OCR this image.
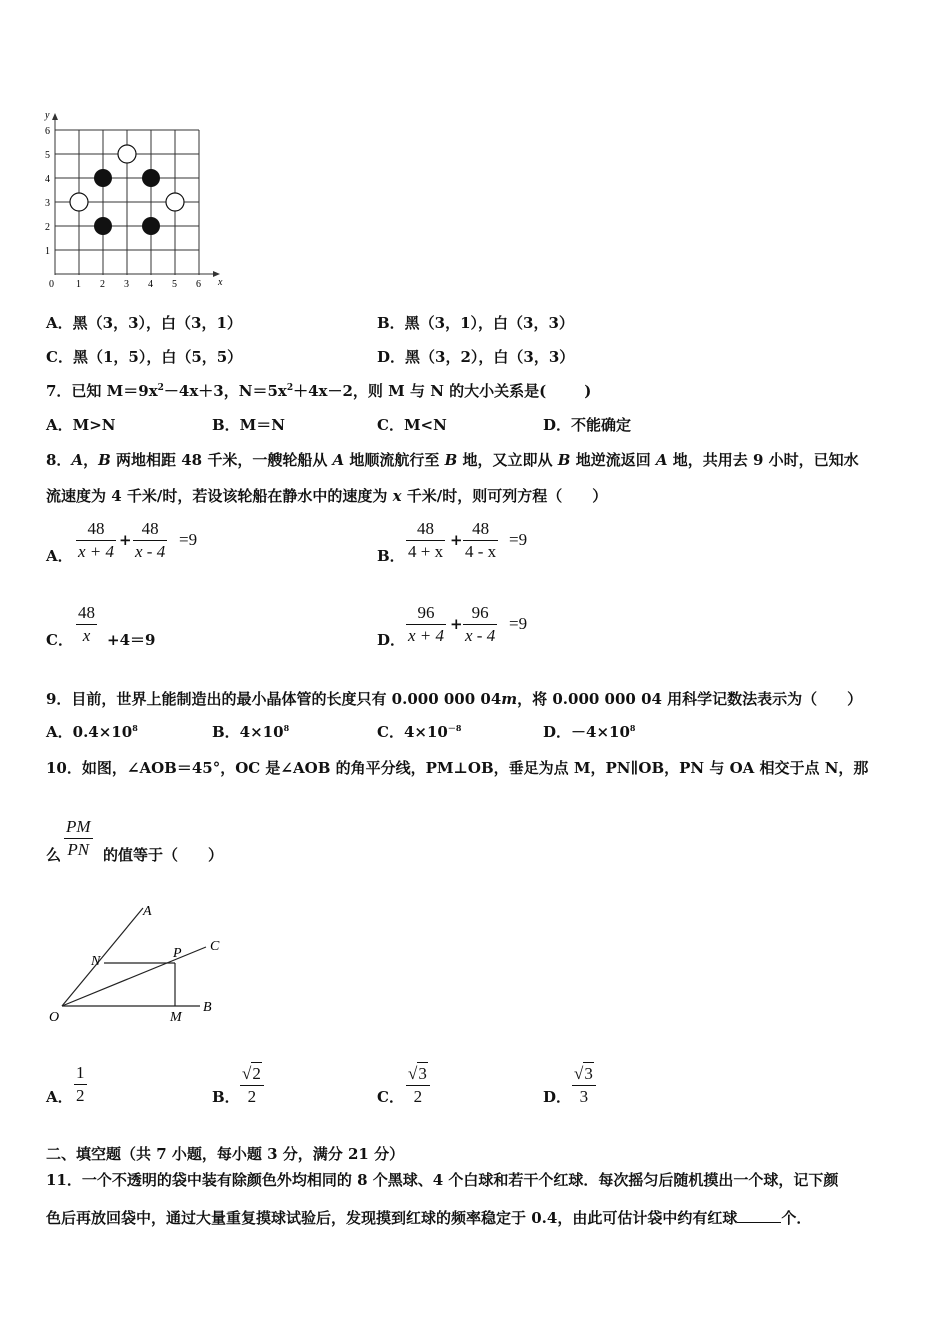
y
x
0 1 2 3 4 5 6
1
2
3
4
5
6
A．黑（3，3），白（3，1）	B．黑（3，1），白（3，3）
C．黑（1，5），白（5，5）	D．黑（3，2），白（3，3）
7．已知 $M=9x^2-4x+3$，$N=5x^2+4x-2$，则 M 与 N 的大小关系是(	)
A．M>N	B．M＝N	C．M<N	D．不能确定
8．A，B 两地相距 48 千米，一艘轮船从 A 地顺流航行至 B 地，又立即从 B 地逆流返回 A 地，共用去 9 小时，已知水
流速度为 4 千米/时，若设该轮船在静水中的速度为 x 千米/时，则可列方程（　　）
A． $\frac{48}{x + 4} + \frac{48}{x - 4} =9$
B． $\frac{48}{4 + x} + \frac{48}{4 - x} =9$
C． $\frac{48}{x} +4=9$	D． $\frac{96}{x + 4} + \frac{96}{x - 4} =9$
9．目前，世界上能制造出的最小晶体管的长度只有 0.000 000 04m，将 0.000 000 04 用科学记数法表示为（　　）
A．$0.4\times 10^8$	B．$4\times 10^8$	C．$4\times 10^{-8}$	D．$-4\times 10^8$
10．如图，∠AOB＝45°，OC 是∠AOB 的角平分线，PM⊥OB，垂足为点 M，PN∥OB，PN 与 OA 相交于点 N，那
么 $\frac{PM}{PN}$ 的值等于（　　）
A
C
N
P
O	M
B
A． $\frac{1}{2}$	B． $\frac{√2}{2}$	C． $\frac{√3}{2}$	D． $\frac{√3}{3}$
二、填空题（共 7 小题，每小题 3 分，满分 21 分）
11．一个不透明的袋中装有除颜色外均相同的 8 个黑球、4 个白球和若干个红球．每次摇匀后随机摸出一个球，记下颜
色后再放回袋中，通过大量重复摸球试验后，发现摸到红球的频率稳定于 0.4，由此可估计袋中约有红球	个．
